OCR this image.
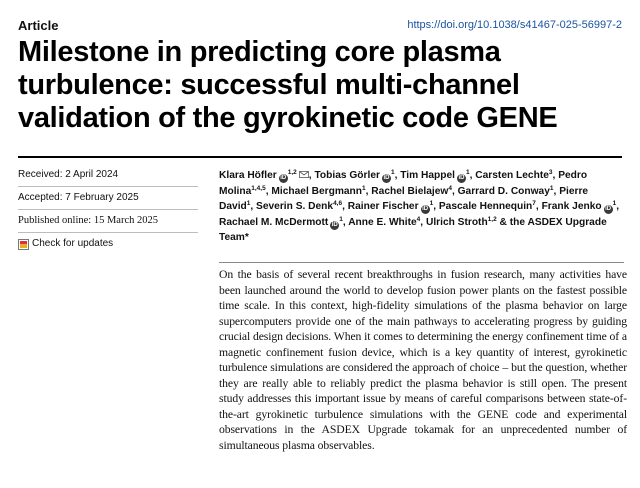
Article	https://doi.org/10.1038/s41467-025-56997-2
Milestone in predicting core plasma turbulence: successful multi-channel validation of the gyrokinetic code GENE
Received: 2 April 2024
Accepted: 7 February 2025
Published online: 15 March 2025
Check for updates

Klara Höfler iD$^{1,2}$ , Tobias Görler $iD^1$, Tim Happel $iD^1$, Carsten Lechte$^3$, Pedro Molina$^{1,4,5}$, Michael Bergmann$^1$, Rachel Bielajew$^4$, Garrard D. Conway$^1$, Pierre David$^1$, Severin S. Denk$^{4,6}$, Rainer Fischer $iD^1$, Pascale Hennequin$^7$, Frank Jenko $iD^1$, Rachael M. McDermott $iD^1$, Anne E. White$^4$, Ulrich Stroth$^{1,2}$ & the ASDEX Upgrade Team*

On the basis of several recent breakthroughs in fusion research, many activities have been launched around the world to develop fusion power plants on the fastest possible time scale. In this context, high-fidelity simulations of the plasma behavior on large supercomputers provide one of the main pathways to accelerating progress by guiding crucial design decisions. When it comes to determining the energy confinement time of a magnetic confinement fusion device, which is a key quantity of interest, gyrokinetic turbulence simulations are considered the approach of choice – but the question, whether they are really able to reliably predict the plasma behavior is still open. The present study addresses this important issue by means of careful comparisons between state-of-the-art gyrokinetic turbulence simulations with the GENE code and experimental observations in the ASDEX Upgrade tokamak for an unprecedented number of simultaneous plasma observables.
